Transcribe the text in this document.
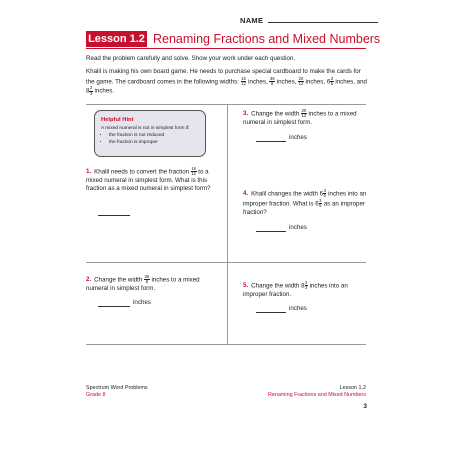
NAME
Lesson 1.2 Renaming Fractions and Mixed Numbers
Read the problem carefully and solve. Show your work under each question.
Khalil is making his own board game. He needs to purchase special cardboard to make the cards for the game. The cardboard comes in the following widths: $\frac{16}{12}$ inches, $\frac{36}{8}$ inches, $\frac{20}{12}$ inches, $6 \frac{3}{5}$ inches, and $8 \frac{2}{3}$ inches.
Helpful Hint
A mixed numeral is not in simplest form if:
• the fraction is not reduced
• the fraction is improper
1. Khalil needs to convert the fraction $\frac{16}{12}$ to a mixed numeral in simplest form. What is this fraction as a mixed numeral in simplest form?
2. Change the width $\frac{36}{8}$ inches to a mixed numeral in simplest form.
inches
3. Change the width $\frac{20}{12}$ inches to a mixed numeral in simplest form.
inches
4. Khalil changes the width $6 \frac{3}{5}$ inches into an improper fraction. What is $6 \frac{3}{5}$ as an improper fraction?
inches
5. Change the width $8 \frac{2}{3}$ inches into an improper fraction.
inches
Spectrum Word Problems
Grade 8
Lesson 1.2
Renaming Fractions and Mixed Numbers
3
